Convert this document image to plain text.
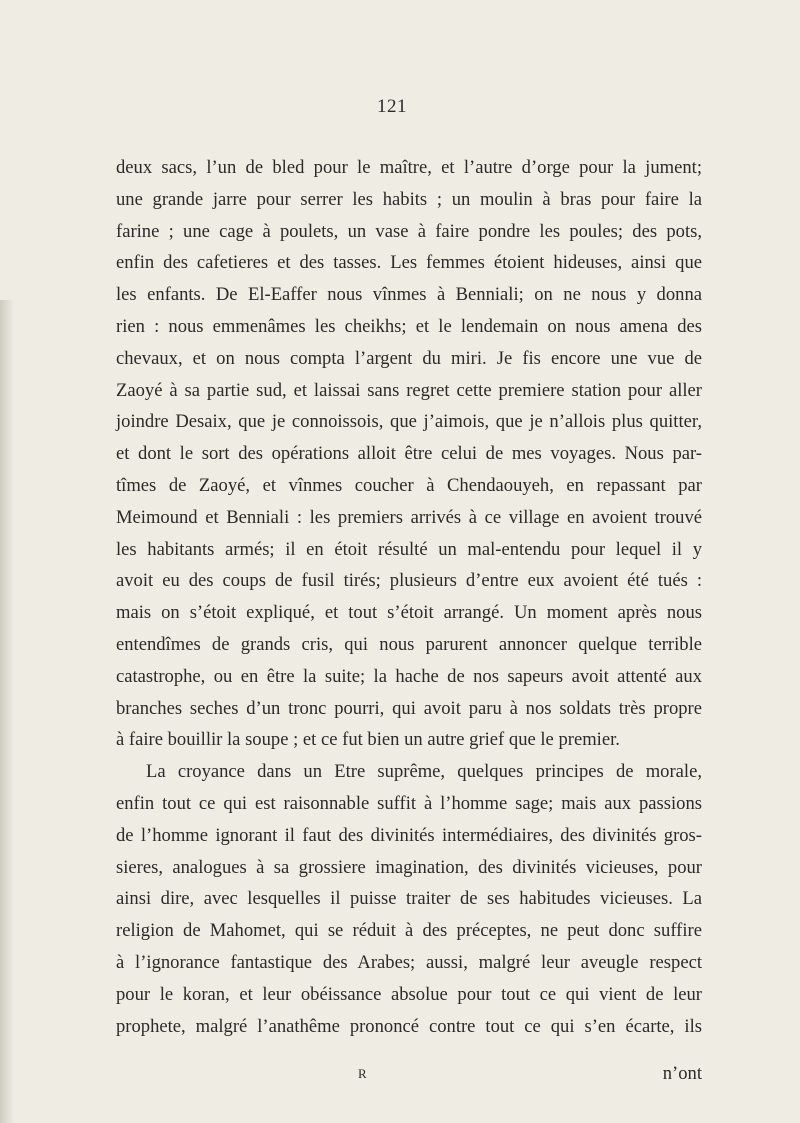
121
deux sacs, l’un de bled pour le maître, et l’autre d’orge pour la jument;
une grande jarre pour serrer les habits ; un moulin à bras pour faire la
farine ; une cage à poulets, un vase à faire pondre les poules; des pots,
enfin des cafetieres et des tasses. Les femmes étoient hideuses, ainsi que
les enfants. De El-Eaffer nous vînmes à Benniali; on ne nous y donna
rien : nous emmenâmes les cheikhs; et le lendemain on nous amena des
chevaux, et on nous compta l’argent du miri. Je fis encore une vue de
Zaoyé à sa partie sud, et laissai sans regret cette premiere station pour aller
joindre Desaix, que je connoissois, que j’aimois, que je n’allois plus quitter,
et dont le sort des opérations alloit être celui de mes voyages. Nous par-
tîmes de Zaoyé, et vînmes coucher à Chendaouyeh, en repassant par
Meimound et Benniali : les premiers arrivés à ce village en avoient trouvé
les habitants armés; il en étoit résulté un mal-entendu pour lequel il y
avoit eu des coups de fusil tirés; plusieurs d’entre eux avoient été tués :
mais on s’étoit expliqué, et tout s’étoit arrangé. Un moment après nous
entendîmes de grands cris, qui nous parurent annoncer quelque terrible
catastrophe, ou en être la suite; la hache de nos sapeurs avoit attenté aux
branches seches d’un tronc pourri, qui avoit paru à nos soldats très propre
à faire bouillir la soupe ; et ce fut bien un autre grief que le premier.
La croyance dans un Etre suprême, quelques principes de morale,
enfin tout ce qui est raisonnable suffit à l’homme sage; mais aux passions
de l’homme ignorant il faut des divinités intermédiaires, des divinités gros-
sieres, analogues à sa grossiere imagination, des divinités vicieuses, pour
ainsi dire, avec lesquelles il puisse traiter de ses habitudes vicieuses. La
religion de Mahomet, qui se réduit à des préceptes, ne peut donc suffire
à l’ignorance fantastique des Arabes; aussi, malgré leur aveugle respect
pour le koran, et leur obéissance absolue pour tout ce qui vient de leur
prophete, malgré l’anathême prononcé contre tout ce qui s’en écarte, ils
R	n’ont
